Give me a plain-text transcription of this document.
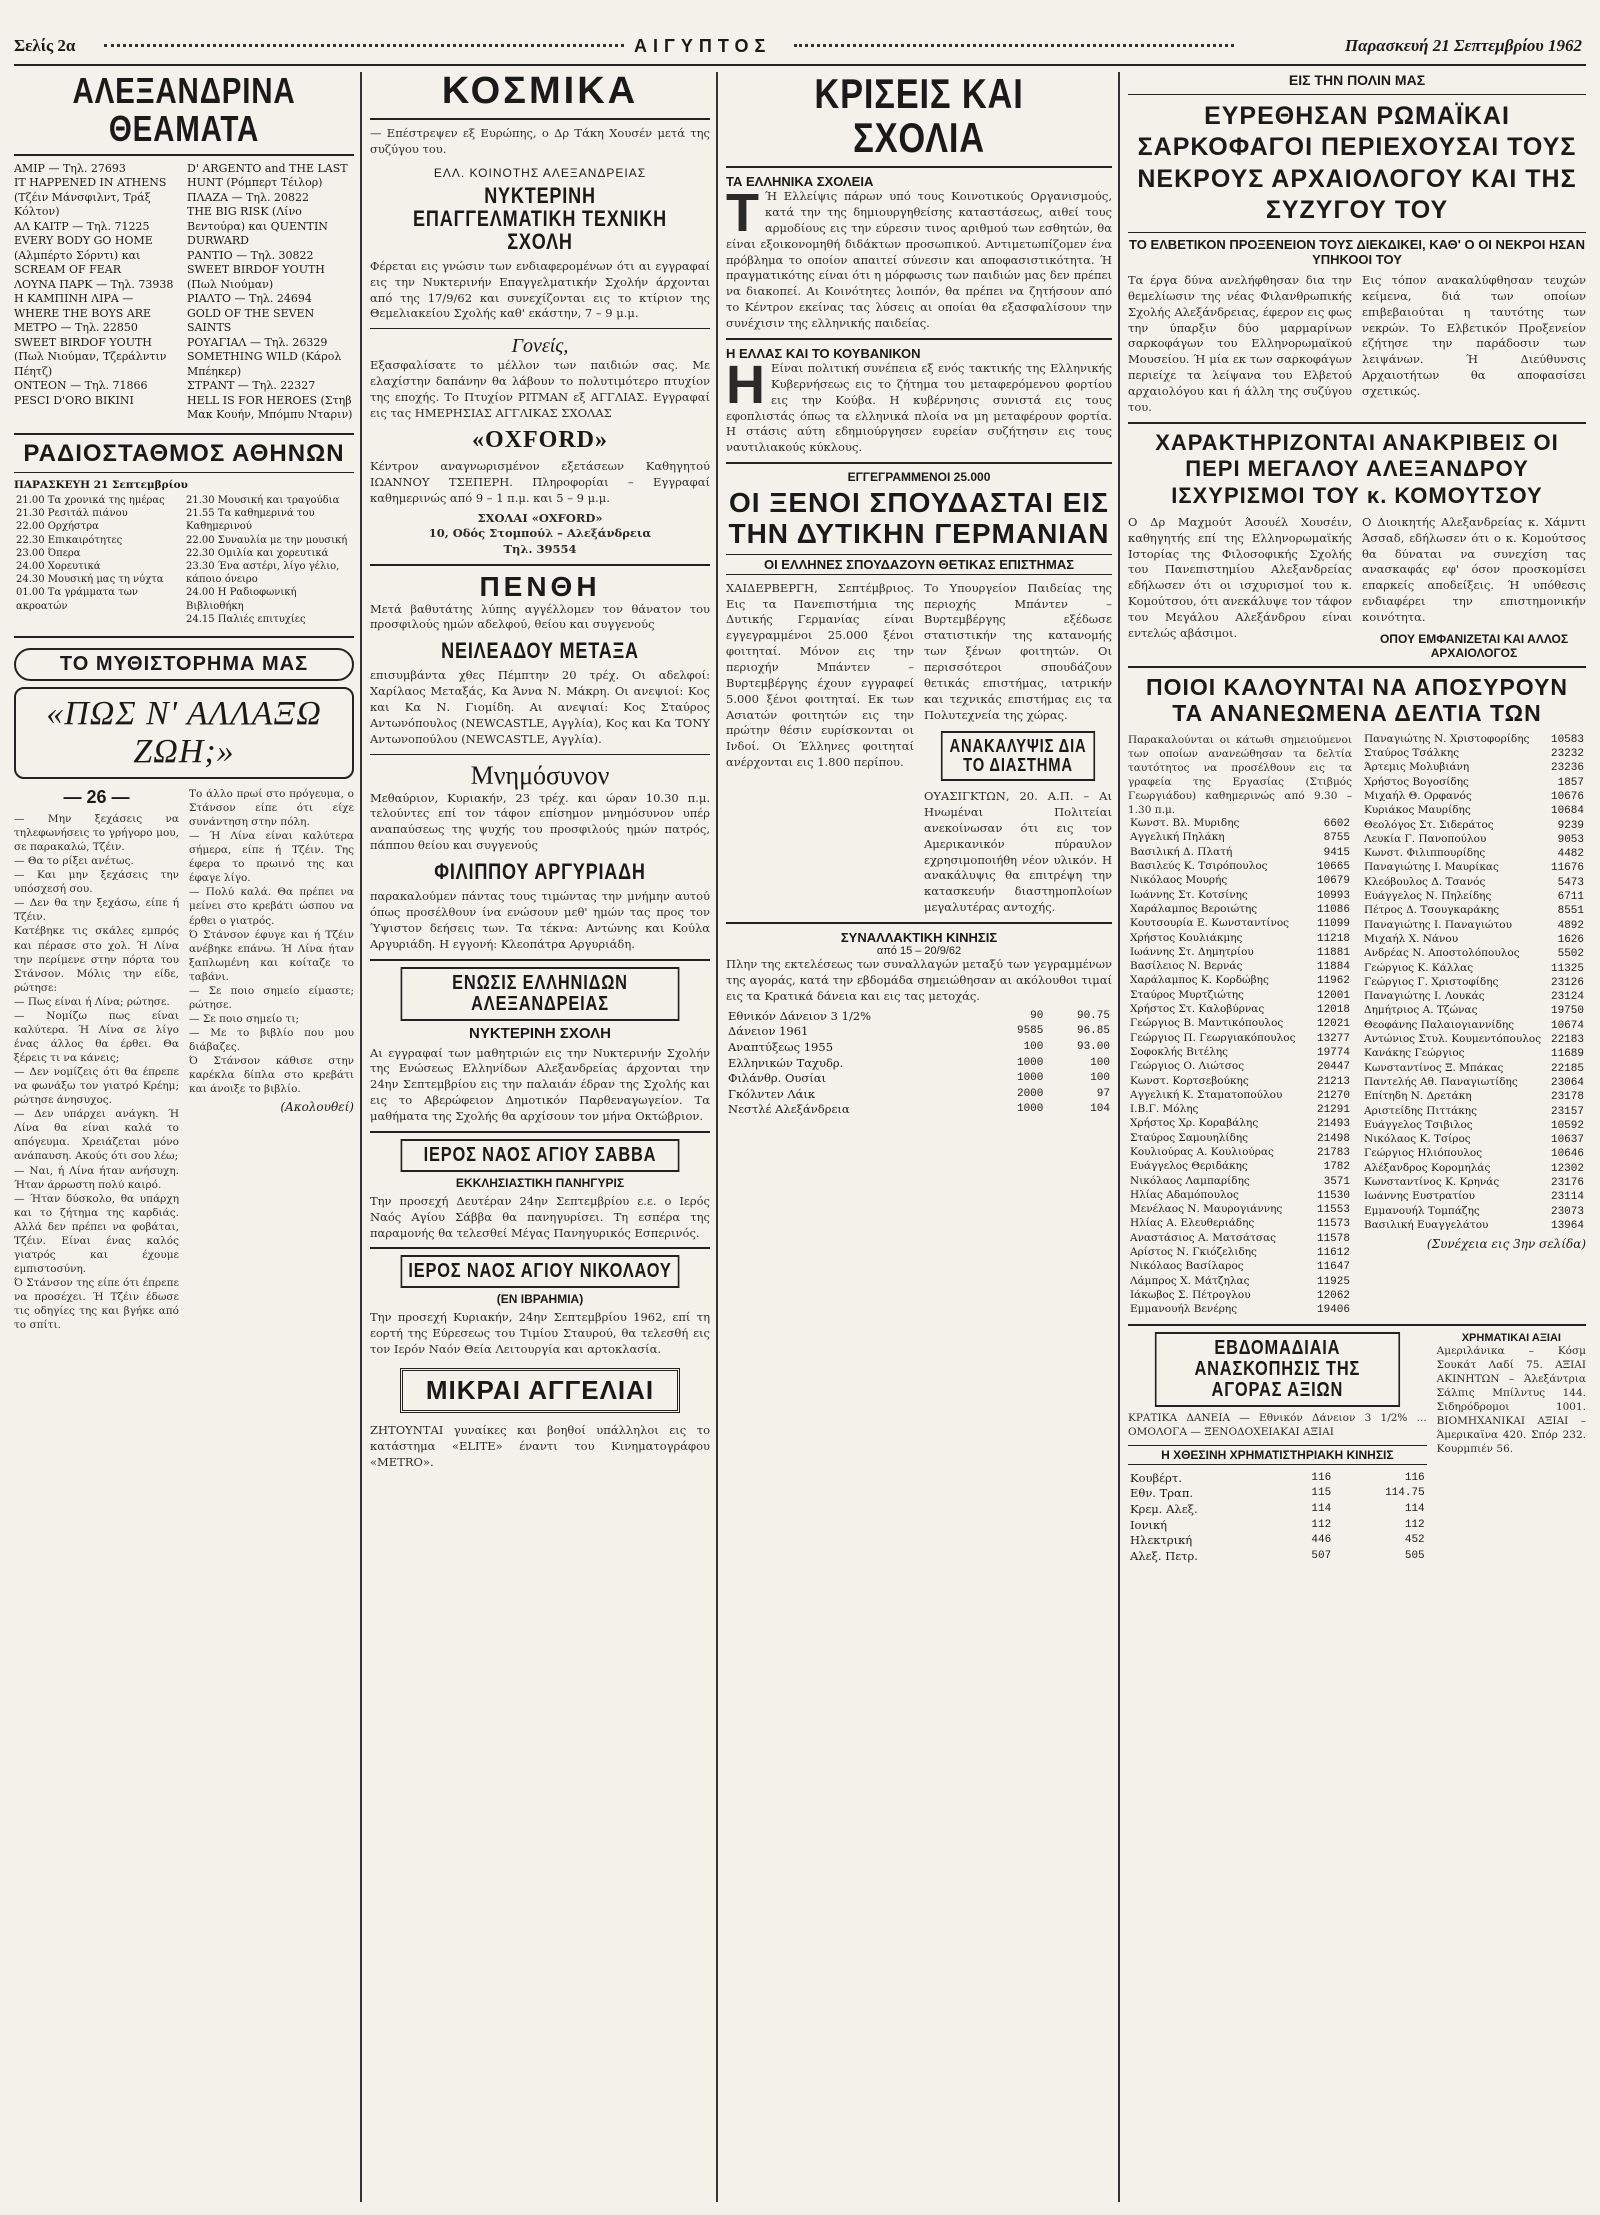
Σελίς 2α	ΑΙΓΥΠΤΟΣ	Παρασκευή 21 Σεπτεμβρίου 1962
ΑΛΕΞΑΝΔΡΙΝΑ ΘΕΑΜΑΤΑ
ΑΜΙΡ — Τηλ. 27693
IT HAPPENED IN ATHENS (Τζέιν Μάνσφιλντ, Τράξ Κόλτον)
ΑΛ ΚΑΙΤΡ — Τηλ. 71225
EVERY BODY GO HOME (Αλμπέρτο Σόρντι) και SCREAM OF FEAR
ΛΟΥΝΑ ΠΑΡΚ — Τηλ. 73938
Η ΚΑΜΠΙΝΗ ΛΙΡΑ — WHERE THE BOYS ARE
ΜΕΤΡΟ — Τηλ. 22850
SWEET BIRDOF YOUTH (Πωλ Νιούμαν, Τζεράλντιν Πέητζ)
ΟΝΤΕΟΝ — Τηλ. 71866
PESCI D'ORO BIKINI
D' ARGENTO and THE LAST HUNT (Ρόμπερτ Τέιλορ)
ΠΛΑΖΑ — Τηλ. 20822
THE BIG RISK (Λίνο Βεντούρα) και QUENTIN DURWARD
ΡΑΝΤΙΟ — Τηλ. 30822
SWEET BIRDOF YOUTH (Πωλ Νιούμαν)
ΡΙΑΛΤΟ — Τηλ. 24694
GOLD OF THE SEVEN SAINTS
ΡΟΥΑΓΙΑΛ — Τηλ. 26329
SOMETHING WILD (Κάρολ Μπέηκερ)
ΣΤΡΑΝΤ — Τηλ. 22327
HELL IS FOR HEROES (Στηβ Μακ Κουήν, Μπόμπυ Νταριν)
ΡΑΔΙΟΣΤΑΘΜΟΣ ΑΘΗΝΩΝ
ΠΑΡΑΣΚΕΥΗ 21 Σεπτεμβρίου
21.00 Τα χρονικά της ημέρας
21.30 Ρεσιτάλ πιάνου
22.00 Ορχήστρα
22.30 Επικαιρότητες
23.00 Όπερα
24.00 Χορευτικά
24.30 Μουσική μας τη νύχτα
01.00 Τα γράμματα των ακροατών

21.30 Μουσική και τραγούδια
21.55 Τα καθημερινά του Καθημερινού
22.00 Συναυλία με την μουσική
22.30 Ομιλία και χορευτικά
23.30 Ένα αστέρι, λίγο γέλιο, κάποιο όνειρο
24.00 Η Ραδιοφωνική Βιβλιοθήκη
24.15 Παλιές επιτυχίες
ΤΟ ΜΥΘΙΣΤΟΡΗΜΑ ΜΑΣ
«ΠΩΣ Ν' ΑΛΛΑΞΩ ΖΩΗ;»
— 26 —
— Μην ξεχάσεις να τηλεφωνήσεις το γρήγορο μου, σε παρακαλώ, Τζέιν.
— Θα το ρίξει ανέτως.
— Και μην ξεχάσεις την υπόσχεσή σου.
— Δεν θα την ξεχάσω, είπε ή Τζέιν.
Κατέβηκε τις σκάλες εμπρός και πέρασε στο χολ. Ή Λίνα την περίμενε στην πόρτα του Στάνσον. Μόλις την είδε, ρώτησε:
— Πως είναι ή Λίνα; ρώτησε.
— Νομίζω πως είναι καλύτερα. Ή Λίνα σε λίγο ένας άλλος θα έρθει. Θα ξέρεις τι να κάνεις;
— Δεν νομίζεις ότι θα έπρεπε να φωνάξω τον γιατρό Κρέημ; ρώτησε άνησυχος.
— Δεν υπάρχει ανάγκη. Ή Λίνα θα είναι καλά το απόγευμα. Χρειάζεται μόνο ανάπαυση. Ακούς ότι σου λέω;
— Ναι, ή Λίνα ήταν ανήσυχη. Ήταν άρρωστη πολύ καιρό.
— Ήταν δύσκολο, θα υπάρχη και το ζήτημα της καρδιάς. Αλλά δεν πρέπει να φοβάται, Τζέιν. Είναι ένας καλός γιατρός και έχουμε εμπιστοσύνη.
Ό Στάνσον της είπε ότι έπρεπε να προσέχει. Ή Τζέιν έδωσε τις οδηγίες της και βγήκε από το σπίτι.
Το άλλο πρωί στο πρόγευμα, ο Στάνσον είπε ότι είχε συνάντηση στην πόλη.
— Ή Λίνα είναι καλύτερα σήμερα, είπε ή Τζέιν. Της έφερα το πρωινό της και έφαγε λίγο.
— Πολύ καλά. Θα πρέπει να μείνει στο κρεβάτι ώσπου να έρθει ο γιατρός.
Ό Στάνσον έφυγε και ή Τζέιν ανέβηκε επάνω. Ή Λίνα ήταν ξαπλωμένη και κοίταζε το ταβάνι.
— Σε ποιο σημείο είμαστε; ρώτησε.
— Σε ποιο σημείο τι;
— Με το βιβλίο που μου διάβαζες.
Ό Στάνσον κάθισε στην καρέκλα δίπλα στο κρεβάτι και άνοιξε το βιβλίο.
(Ακολουθεί)
ΚΟΣΜΙΚΑ
— Επέστρεψεν εξ Ευρώπης, ο Δρ Τάκη Χουσέν μετά της συζύγου του.
ΕΛΛ. ΚΟΙΝΟΤΗΣ ΑΛΕΞΑΝΔΡΕΙΑΣ
ΝΥΚΤΕΡΙΝΗ ΕΠΑΓΓΕΛΜΑΤΙΚΗ ΤΕΧΝΙΚΗ ΣΧΟΛΗ
Φέρεται εις γνώσιν των ενδιαφερομένων ότι αι εγγραφαί εις την Νυκτερινήν Επαγγελματικήν Σχολήν άρχονται από της 17/9/62 και συνεχίζονται εις το κτίριον της Θεμελιακείου Σχολής καθ' εκάστην, 7 – 9 μ.μ.
Γονείς,
Εξασφαλίσατε το μέλλον των παιδιών σας. Με ελαχίστην δαπάνην θα λάβουν το πολυτιμότερο πτυχίον της εποχής. Το Πτυχίον PITMAN εξ ΑΓΓΛΙΑΣ. Εγγραφαί εις τας ΗΜΕΡΗΣΙΑΣ ΑΓΓΛΙΚΑΣ ΣΧΟΛΑΣ
«OXFORD»
Κέντρον αναγνωρισμένον εξετάσεων Καθηγητού ΙΩΑΝΝΟΥ ΤΣΕΠΕΡΗ. Πληροφορίαι – Εγγραφαί καθημερινώς από 9 – 1 π.μ. και 5 – 9 μ.μ.
ΣΧΟΛΑΙ «OXFORD»
10, Οδός Στομπούλ – Αλεξάνδρεια
Τηλ. 39554
ΠΕΝΘΗ
Μετά βαθυτάτης λύπης αγγέλλομεν τον θάνατον του προσφιλούς ημών αδελφού, θείου και συγγενούς
ΝΕΙΛΕΑΔΟΥ ΜΕΤΑΞΑ
επισυμβάντα χθες Πέμπτην 20 τρέχ. Οι αδελφοί: Χαρίλαος Μεταξάς, Κα Άννα Ν. Μάκρη. Οι ανεψιοί: Κος και Κα Ν. Γιομίδη. Αι ανεψιαί: Κος Σταύρος Αντωνόπουλος (NEWCASTLE, Αγγλία), Κος και Κα ΤΟΝΥ Αντωνοπούλου (NEWCASTLE, Αγγλία).
Μνημόσυνον
Μεθαύριον, Κυριακήν, 23 τρέχ. και ώραν 10.30 π.μ. τελούντες επί τον τάφον επίσημον μνημόσυνον υπέρ αναπαύσεως της ψυχής του προσφιλούς ημών πατρός, πάππου θείου και συγγενούς
ΦΙΛΙΠΠΟΥ ΑΡΓΥΡΙΑΔΗ
παρακαλούμεν πάντας τους τιμώντας την μνήμην αυτού όπως προσέλθουν ίνα ενώσουν μεθ' ημών τας προς τον Ύψιστον δεήσεις των. Τα τέκνα: Αντώνης και Κούλα Αργυριάδη. Η εγγονή: Κλεοπάτρα Αργυριάδη.
ΕΝΩΣΙΣ ΕΛΛΗΝΙΔΩΝ ΑΛΕΞΑΝΔΡΕΙΑΣ
ΝΥΚΤΕΡΙΝΗ ΣΧΟΛΗ
Αι εγγραφαί των μαθητριών εις την Νυκτερινήν Σχολήν της Ενώσεως Ελληνίδων Αλεξανδρείας άρχονται την 24ην Σεπτεμβρίου εις την παλαιάν έδραν της Σχολής και εις το Αβερώφειον Δημοτικόν Παρθεναγωγείον. Τα μαθήματα της Σχολής θα αρχίσουν τον μήνα Οκτώβριον.
ΙΕΡΟΣ ΝΑΟΣ ΑΓΙΟΥ ΣΑΒΒΑ
ΕΚΚΛΗΣΙΑΣΤΙΚΗ ΠΑΝΗΓΥΡΙΣ
Την προσεχή Δευτέραν 24ην Σεπτεμβρίου ε.ε. ο Ιερός Ναός Αγίου Σάββα θα πανηγυρίσει. Τη εσπέρα της παραμονής θα τελεσθεί Μέγας Πανηγυρικός Εσπερινός.
ΙΕΡΟΣ ΝΑΟΣ ΑΓΙΟΥ ΝΙΚΟΛΑΟΥ
(ΕΝ ΙΒΡΑΗΜΙΑ)
Την προσεχή Κυριακήν, 24ην Σεπτεμβρίου 1962, επί τη εορτή της Εύρεσεως του Τιμίου Σταυρού, θα τελεσθή εις τον Ιερόν Ναόν Θεία Λειτουργία και αρτοκλασία.
ΜΙΚΡΑΙ ΑΓΓΕΛΙΑΙ
ΖΗΤΟΥΝΤΑΙ γυναίκες και βοηθοί υπάλληλοι εις το κατάστημα «ELITE» έναντι του Κινηματογράφου «METRO».
ΚΡΙΣΕΙΣ ΚΑΙ ΣΧΟΛΙΑ
ΤΑ ΕΛΛΗΝΙΚΑ ΣΧΟΛΕΙΑ
Τ Ή Ελλείψις πάρων υπό τους Κοινοτικούς Οργανισμούς, κατά την της δημιουργηθείσης καταστάσεως, αιθεί τους αρμοδίους εις την εύρεσιν τινος αριθμού των εσθητών, θα είναι εξοικονομηθή διδάκτων προσωπικού. Αντιμετωπίζομεν ένα πρόβλημα το οποίον απαιτεί σύνεσιν και αποφασιστικότητα. Ή πραγματικότης είναι ότι η μόρφωσις των παιδιών μας δεν πρέπει να διακοπεί. Αι Κοινότητες λοιπόν, θα πρέπει να ζητήσουν από το Κέντρον εκείνας τας λύσεις αι οποίαι θα εξασφαλίσουν την συνέχισιν της ελληνικής παιδείας.
Η ΕΛΛΑΣ ΚΑΙ ΤΟ ΚΟΥΒΑΝΙΚΟΝ
Η Είναι πολιτική συνέπεια εξ ενός τακτικής της Ελληνικής Κυβερνήσεως εις το ζήτημα του μεταφερόμενου φορτίου εις την Κούβα. Η κυβέρνησις συνιστά εις τους εφοπλιστάς όπως τα ελληνικά πλοία να μη μεταφέρουν φορτία. Η στάσις αύτη εδημιούργησεν ευρείαν συζήτησιν εις τους ναυτιλιακούς κύκλους.
ΕΓΓΕΓΡΑΜΜΕΝΟΙ 25.000
ΟΙ ΞΕΝΟΙ ΣΠΟΥΔΑΣΤΑΙ ΕΙΣ ΤΗΝ ΔΥΤΙΚΗΝ ΓΕΡΜΑΝΙΑΝ
ΟΙ ΕΛΛΗΝΕΣ ΣΠΟΥΔΑΖΟΥΝ ΘΕΤΙΚΑΣ ΕΠΙΣΤΗΜΑΣ
ΧΑΙΔΕΡΒΕΡΓΗ, Σεπτέμβριος. Εις τα Πανεπιστήμια της Δυτικής Γερμανίας είναι εγγεγραμμένοι 25.000 ξένοι φοιτηταί. Μόνον εις την περιοχήν Μπάντεν – Βυρτεμβέργης έχουν εγγραφεί 5.000 ξένοι φοιτηταί. Εκ των Ασιατών φοιτητών εις την πρώτην θέσιν ευρίσκονται οι Ινδοί. Οι Έλληνες φοιτηταί ανέρχονται εις 1.800 περίπου.
Το Υπουργείον Παιδείας της περιοχής Μπάντεν – Βυρτεμβέργης εξέδωσε στατιστικήν της κατανομής των ξένων φοιτητών. Οι περισσότεροι σπουδάζουν θετικάς επιστήμας, ιατρικήν και τεχνικάς επιστήμας εις τα Πολυτεχνεία της χώρας.
ΑΝΑΚΑΛΥΨΙΣ ΔΙΑ ΤΟ ΔΙΑΣΤΗΜΑ
ΟΥΑΣΙΓΚΤΩΝ, 20. Α.Π. – Αι Ηνωμέναι Πολιτείαι ανεκοίνωσαν ότι εις τον Αμερικανικόν πύραυλον εχρησιμοποιήθη νέον υλικόν. Η ανακάλυψις θα επιτρέψη την κατασκευήν διαστημοπλοίων μεγαλυτέρας αντοχής.
ΣΥΝΑΛΛΑΚΤΙΚΗ ΚΙΝΗΣΙΣ
από 15 – 20/9/62
Πλην της εκτελέσεως των συναλλαγών μεταξύ των γεγραμμένων της αγοράς, κατά την εβδομάδα σημειώθησαν αι ακόλουθοι τιμαί εις τα Κρατικά δάνεια και εις τας μετοχάς.
Εθνικόν Δάνειον 3 1/2%	90	90.75
Δάνειον 1961	9585	96.85
Αναπτύξεως 1955	100	93.00
Ελληνικών Ταχυδρ.	1000	100
Φιλάνθρ. Ουσίαι	1000	100
Γκόλντεν Λάικ	2000	97
Νεστλέ Αλεξάνδρεια	1000	104
ΕΙΣ ΤΗΝ ΠΟΛΙΝ ΜΑΣ
ΕΥΡΕΘΗΣΑΝ ΡΩΜΑΪΚΑΙ ΣΑΡΚΟΦΑΓΟΙ ΠΕΡΙΕΧΟΥΣΑΙ ΤΟΥΣ ΝΕΚΡΟΥΣ ΑΡΧΑΙΟΛΟΓΟΥ ΚΑΙ ΤΗΣ ΣΥΖΥΓΟΥ ΤΟΥ
ΤΟ ΕΛΒΕΤΙΚΟΝ ΠΡΟΞΕΝΕΙΟΝ ΤΟΥΣ ΔΙΕΚΔΙΚΕΙ, ΚΑΘ' Ο ΟΙ ΝΕΚΡΟΙ ΗΣΑΝ ΥΠΗΚΟΟΙ ΤΟΥ
Τα έργα δύνα ανελήφθησαν δια την θεμελίωσιν της νέας Φιλανθρωπικής Σχολής Αλεξάνδρειας, έφερον εις φως την ύπαρξιν δύο μαρμαρίνων σαρκοφάγων του Ελληνορωμαϊκού Μουσείου. Ή μία εκ των σαρκοφάγων περιείχε τα λείψανα του Ελβετού αρχαιολόγου και ή άλλη της συζύγου του.
Εις τόπον ανακαλύφθησαν τευχών κείμενα, διά των οποίων επιβεβαιούται η ταυτότης των νεκρών. Το Ελβετικόν Προξενείον εζήτησε την παράδοσιν των λειψάνων. Ή Διεύθυνσις Αρχαιοτήτων θα αποφασίσει σχετικώς.
ΧΑΡΑΚΤΗΡΙΖΟΝΤΑΙ ΑΝΑΚΡΙΒΕΙΣ ΟΙ ΠΕΡΙ ΜΕΓΑΛΟΥ ΑΛΕΞΑΝΔΡΟΥ ΙΣΧΥΡΙΣΜΟΙ ΤΟΥ κ. ΚΟΜΟΥΤΣΟΥ
Ο Δρ Μαχμούτ Άσουέλ Χουσέιν, καθηγητής επί της Ελληνορωμαϊκής Ιστορίας της Φιλοσοφικής Σχολής του Πανεπιστημίου Αλεξανδρείας εδήλωσεν ότι οι ισχυρισμοί του κ. Κομούτσου, ότι ανεκάλυψε τον τάφον του Μεγάλου Αλεξάνδρου είναι εντελώς αβάσιμοι.
Ο Διοικητής Αλεξανδρείας κ. Χάμντι Άσσαδ, εδήλωσεν ότι ο κ. Κομούτσος θα δύναται να συνεχίση τας ανασκαφάς εφ' όσον προσκομίσει επαρκείς αποδείξεις. Ή υπόθεσις ενδιαφέρει την επιστημονικήν κοινότητα.
ΟΠΟΥ ΕΜΦΑΝΙΖΕΤΑΙ ΚΑΙ ΑΛΛΟΣ ΑΡΧΑΙΟΛΟΓΟΣ
ΠΟΙΟΙ ΚΑΛΟΥΝΤΑΙ ΝΑ ΑΠΟΣΥΡΟΥΝ ΤΑ ΑΝΑΝΕΩΜΕΝΑ ΔΕΛΤΙΑ ΤΩΝ
Παρακαλούνται οι κάτωθι σημειούμενοι των οποίων ανανεώθησαν τα δελτία ταυτότητος να προσέλθουν εις τα γραφεία της Εργασίας (Στιβμός Γεωργιάδου) καθημερινώς από 9.30 – 1.30 π.μ.
Κωνστ. Βλ. Μυριδης	6602
Αγγελική Πηλάκη	8755
Βασιλική Δ. Πλατή	9415
Βασιλεύς Κ. Τσιρόπουλος	10665
Νικόλαος Μουρής	10679
Ιωάννης Στ. Κοτσίνης	10993
Χαράλαμπος Βεροιώτης	11086
Κουτσουρία Ε. Κωνσταντίνος	11099
Χρήστος Κουλιάκμης	11218
Ιωάννης Στ. Δημητρίου	11881
Βασίλειος Ν. Βερνάς	11884
Χαράλαμπος Κ. Κορδώβης	11962
Σταύρος Μυρτζιώτης	12001
Χρήστος Στ. Καλοβύρνας	12018
Γεώργιος Β. Μαντικόπουλος	12021
Γεώργιος Π. Γεωργιακόπουλος	13277
Σοφοκλής Βιτέλης	19774
Γεώργιος Ο. Λιώτσος	20447
Κωνστ. Κορτσεβούκης	21213
Αγγελική Κ. Σταματοπούλου	21270
Ι.Β.Γ. Μόλης	21291
Χρήστος Χρ. Κοραβάλης	21493
Σταύρος Σαμουηλίδης	21498
Κουλιούρας Α. Κουλιούρας	21783
Ευάγγελος Θεριδάκης	1782
Νικόλαος Λαμπαρίδης	3571
Ηλίας Αδαμόπουλος	11530
Μενέλαος Ν. Μαυρογιάννης	11553
Ηλίας Α. Ελευθεριάδης	11573
Αναστάσιος Α. Ματσάτσας	11578
Αρίστος Ν. Γκιόζελιδης	11612
Νικόλαος Βασίλαρος	11647
Λάμπρος Χ. Μάτζηλας	11925
Ιάκωβος Σ. Πέτρογλου	12062
Εμμανουήλ Βενέρης	19406
Παναγιώτης Ν. Χριστοφορίδης	10583
Σταύρος Τσάλκης	23232
Άρτεμις Μολυβιάνη	23236
Χρήστος Βογοσίδης	1857
Μιχαήλ Θ. Ορφανός	10676
Κυριάκος Μαυρίδης	10684
Θεολόγος Στ. Σιδεράτος	9239
Λευκία Γ. Πανοπούλου	9053
Κωνστ. Φιλιππουρίδης	4482
Παναγιώτης Ι. Μαυρίκας	11676
Κλεόβουλος Δ. Τσανός	5473
Ευάγγελος Ν. Πηλείδης	6711
Πέτρος Δ. Τσουγκαράκης	8551
Παναγιώτης Ι. Παναγιώτου	4892
Μιχαήλ Χ. Νάνου	1626
Ανδρέας Ν. Αποστολόπουλος	5502
Γεώργιος Κ. Κάλλας	11325
Γεώργιος Γ. Χριστοφίδης	23126
Παναγιώτης Ι. Λουκάς	23124
Δημήτριος Α. Τζώνας	19750
Θεοφάνης Παλαιογιαννίδης	10674
Αντώνιος Στυλ. Κουμεντόπουλος	22183
Κανάκης Γεώργιος	11689
Κωνσταντίνος Ξ. Μπάκας	22185
Παντελής Αθ. Παναγιωτίδης	23064
Επίτηδη Ν. Δρετάκη	23178
Αριστείδης Πιττάκης	23157
Ευάγγελος Τσιβιλος	10592
Νικόλαος Κ. Τσίρος	10637
Γεώργιος Ηλιόπουλος	10646
Αλέξανδρος Κορομηλάς	12302
Κωνσταντίνος Κ. Κρηνάς	23176
Ιωάννης Ευστρατίου	23114
Εμμανουήλ Τομπάζης	23073
Βασιλική Ευαγγελάτου	13964
(Συνέχεια εις 3ην σελίδα)
ΕΒΔΟΜΑΔΙΑΙΑ ΑΝΑΣΚΟΠΗΣΙΣ ΤΗΣ ΑΓΟΡΑΣ ΑΞΙΩΝ
ΚΡΑΤΙΚΑ ΔΑΝΕΙΑ — Εθνικόν Δάνειον 3 1/2% ... ΟΜΟΛΟΓΑ — ΞΕΝΟΔΟΧΕΙΑΚΑΙ ΑΞΙΑΙ
Η ΧΘΕΣΙΝΗ ΧΡΗΜΑΤΙΣΤΗΡΙΑΚΗ ΚΙΝΗΣΙΣ
Κουβέρτ.	116	116
Εθν. Τραπ.	115	114.75
Κρεμ. Αλεξ.	114	114
Ιονική	112	112
Ηλεκτρική	446	452
Αλεξ. Πετρ.	507	505
ΧΡΗΜΑΤΙΚΑΙ ΑΞΙΑΙ
Αμεριλάνικα – Κόσμ Σουκάτ Λαδί 75. ΑΞΙΑΙ ΑΚΙΝΗΤΩΝ – Άλεξάντρια Σάλπις Μπίλντυς 144. Σιδηρόδρομοι 1001. ΒΙΟΜΗΧΑΝΙΚΑΙ ΑΞΙΑΙ – Άμερικαϊνα 420. Σπόρ 232. Κουρμπιέν 56.
